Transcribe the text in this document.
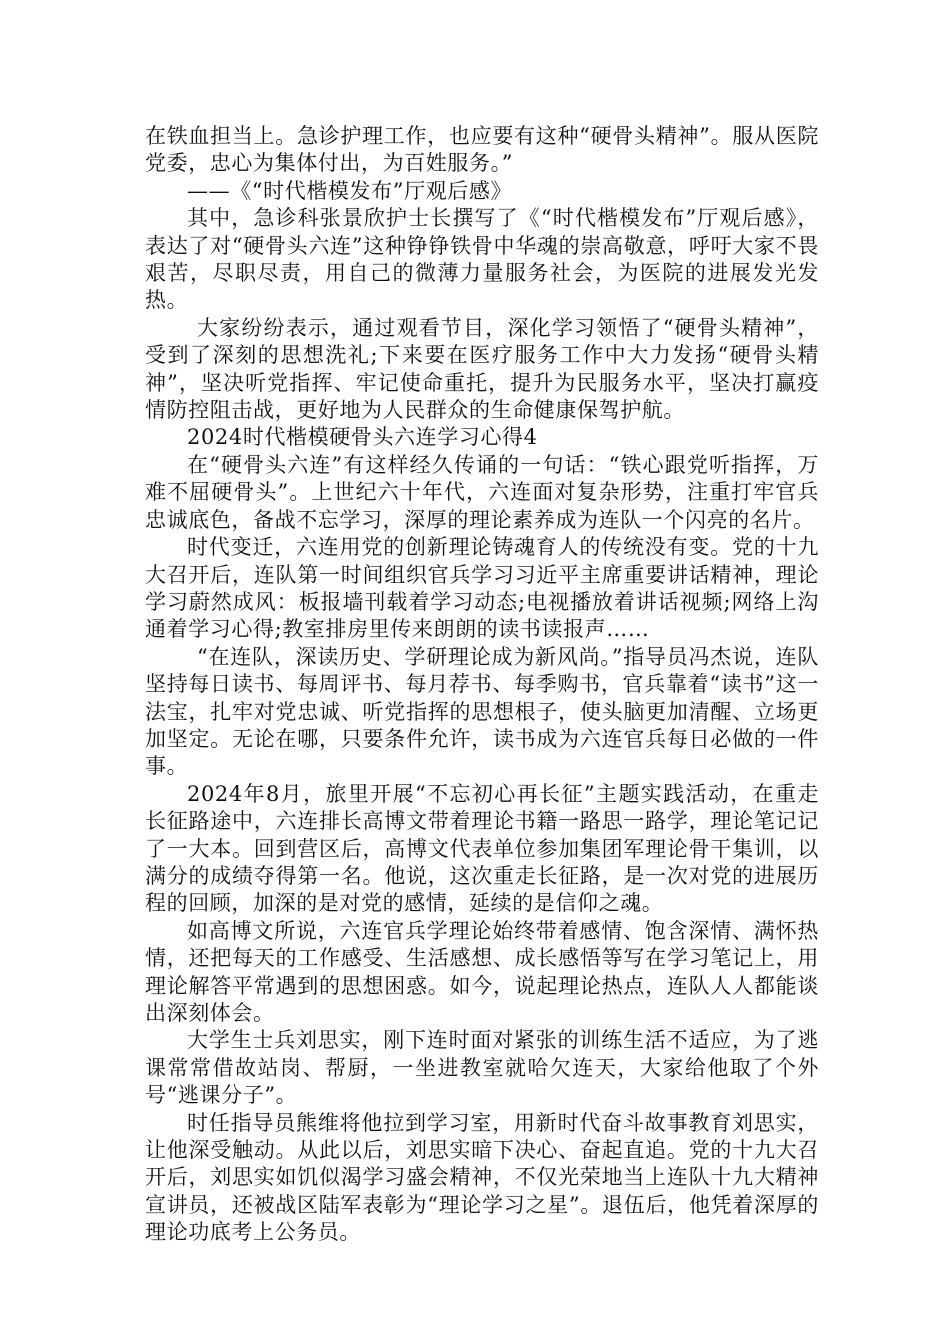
在铁血担当上。急诊护理工作，也应要有这种“硬骨头精神”。服从医院党委，忠心为集体付出，为百姓服务。”

——《“时代楷模发布”厅观后感》

其中，急诊科张景欣护士长撰写了《“时代楷模发布”厅观后感》，表达了对“硬骨头六连”这种铮铮铁骨中华魂的崇高敬意，呼吁大家不畏艰苦，尽职尽责，用自己的微薄力量服务社会，为医院的进展发光发热。

大家纷纷表示，通过观看节目，深化学习领悟了“硬骨头精神”，受到了深刻的思想洗礼;下来要在医疗服务工作中大力发扬“硬骨头精神”，坚决听党指挥、牢记使命重托，提升为民服务水平，坚决打赢疫情防控阻击战，更好地为人民群众的生命健康保驾护航。

2024时代楷模硬骨头六连学习心得4

在“硬骨头六连”有这样经久传诵的一句话：“铁心跟党听指挥，万难不屈硬骨头”。上世纪六十年代，六连面对复杂形势，注重打牢官兵忠诚底色，备战不忘学习，深厚的理论素养成为连队一个闪亮的名片。

时代变迁，六连用党的创新理论铸魂育人的传统没有变。党的十九大召开后，连队第一时间组织官兵学习习近平主席重要讲话精神，理论学习蔚然成风：板报墙刊载着学习动态;电视播放着讲话视频;网络上沟通着学习心得;教室排房里传来朗朗的读书读报声……

“在连队，深读历史、学研理论成为新风尚。”指导员冯杰说，连队坚持每日读书、每周评书、每月荐书、每季购书，官兵靠着“读书”这一法宝，扎牢对党忠诚、听党指挥的思想根子，使头脑更加清醒、立场更加坚定。无论在哪，只要条件允许，读书成为六连官兵每日必做的一件事。

2024年8月，旅里开展“不忘初心再长征”主题实践活动，在重走长征路途中，六连排长高博文带着理论书籍一路思一路学，理论笔记记了一大本。回到营区后，高博文代表单位参加集团军理论骨干集训，以满分的成绩夺得第一名。他说，这次重走长征路，是一次对党的进展历程的回顾，加深的是对党的感情，延续的是信仰之魂。

如高博文所说，六连官兵学理论始终带着感情、饱含深情、满怀热情，还把每天的工作感受、生活感想、成长感悟等写在学习笔记上，用理论解答平常遇到的思想困惑。如今，说起理论热点，连队人人都能谈出深刻体会。

大学生士兵刘思实，刚下连时面对紧张的训练生活不适应，为了逃课常常借故站岗、帮厨，一坐进教室就哈欠连天，大家给他取了个外号“逃课分子”。

时任指导员熊维将他拉到学习室，用新时代奋斗故事教育刘思实，让他深受触动。从此以后，刘思实暗下决心、奋起直追。党的十九大召开后，刘思实如饥似渴学习盛会精神，不仅光荣地当上连队十九大精神宣讲员，还被战区陆军表彰为“理论学习之星”。退伍后，他凭着深厚的理论功底考上公务员。
